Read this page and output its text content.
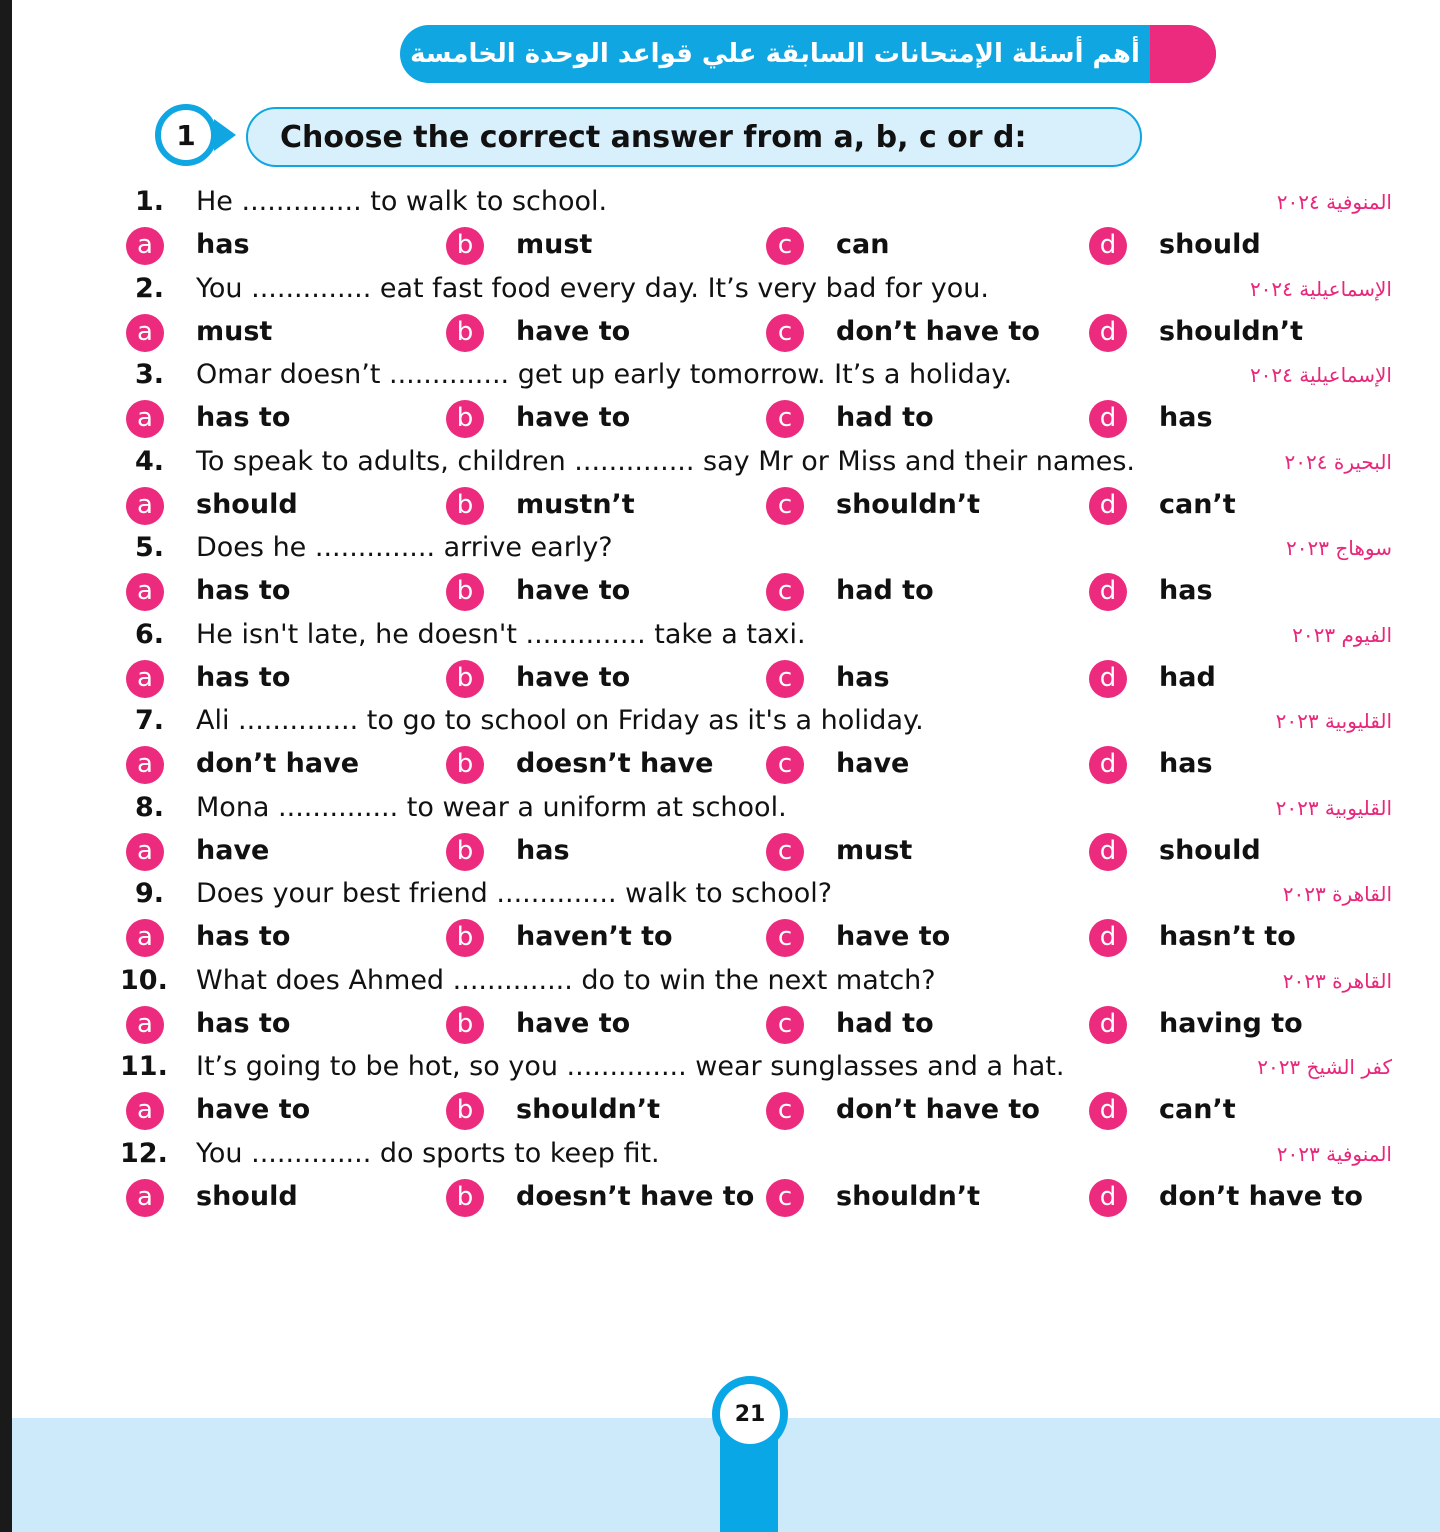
أهم أسئلة الإمتحانات السابقة علي قواعد الوحدة الخامسة
1	Choose the correct answer from a, b, c or d:
1. He .............. to walk to school.	المنوفية ٢٠٢٤
a	has	b	must	c	can	d	should
2. You .............. eat fast food every day. It’s very bad for you.	الإسماعيلية ٢٠٢٤
a	must	b	have to	c	don’t have to	d	shouldn’t
3. Omar doesn’t .............. get up early tomorrow. It’s a holiday.	الإسماعيلية ٢٠٢٤
a	has to	b	have to	c	had to	d	has
4. To speak to adults, children .............. say Mr or Miss and their names.	البحيرة ٢٠٢٤
a	should	b	mustn’t	c	shouldn’t	d	can’t
5. Does he .............. arrive early?	سوهاج ٢٠٢٣
a	has to	b	have to	c	had to	d	has
6. He isn't late, he doesn't .............. take a taxi.	الفيوم ٢٠٢٣
a	has to	b	have to	c	has	d	had
7. Ali .............. to go to school on Friday as it's a holiday.	القليوبية ٢٠٢٣
a	don’t have	b	doesn’t have	c	have	d	has
8. Mona .............. to wear a uniform at school.	القليوبية ٢٠٢٣
a	have	b	has	c	must	d	should
9. Does your best friend .............. walk to school?	القاهرة ٢٠٢٣
a	has to	b	haven’t to	c	have to	d	hasn’t to
10. What does Ahmed .............. do to win the next match?	القاهرة ٢٠٢٣
a	has to	b	have to	c	had to	d	having to
11. It’s going to be hot, so you .............. wear sunglasses and a hat.	كفر الشيخ ٢٠٢٣
a	have to	b	shouldn’t	c	don’t have to	d	can’t
12. You .............. do sports to keep fit.	المنوفية ٢٠٢٣
a	should	b	doesn’t have to c	shouldn’t	d	don’t have to
21
